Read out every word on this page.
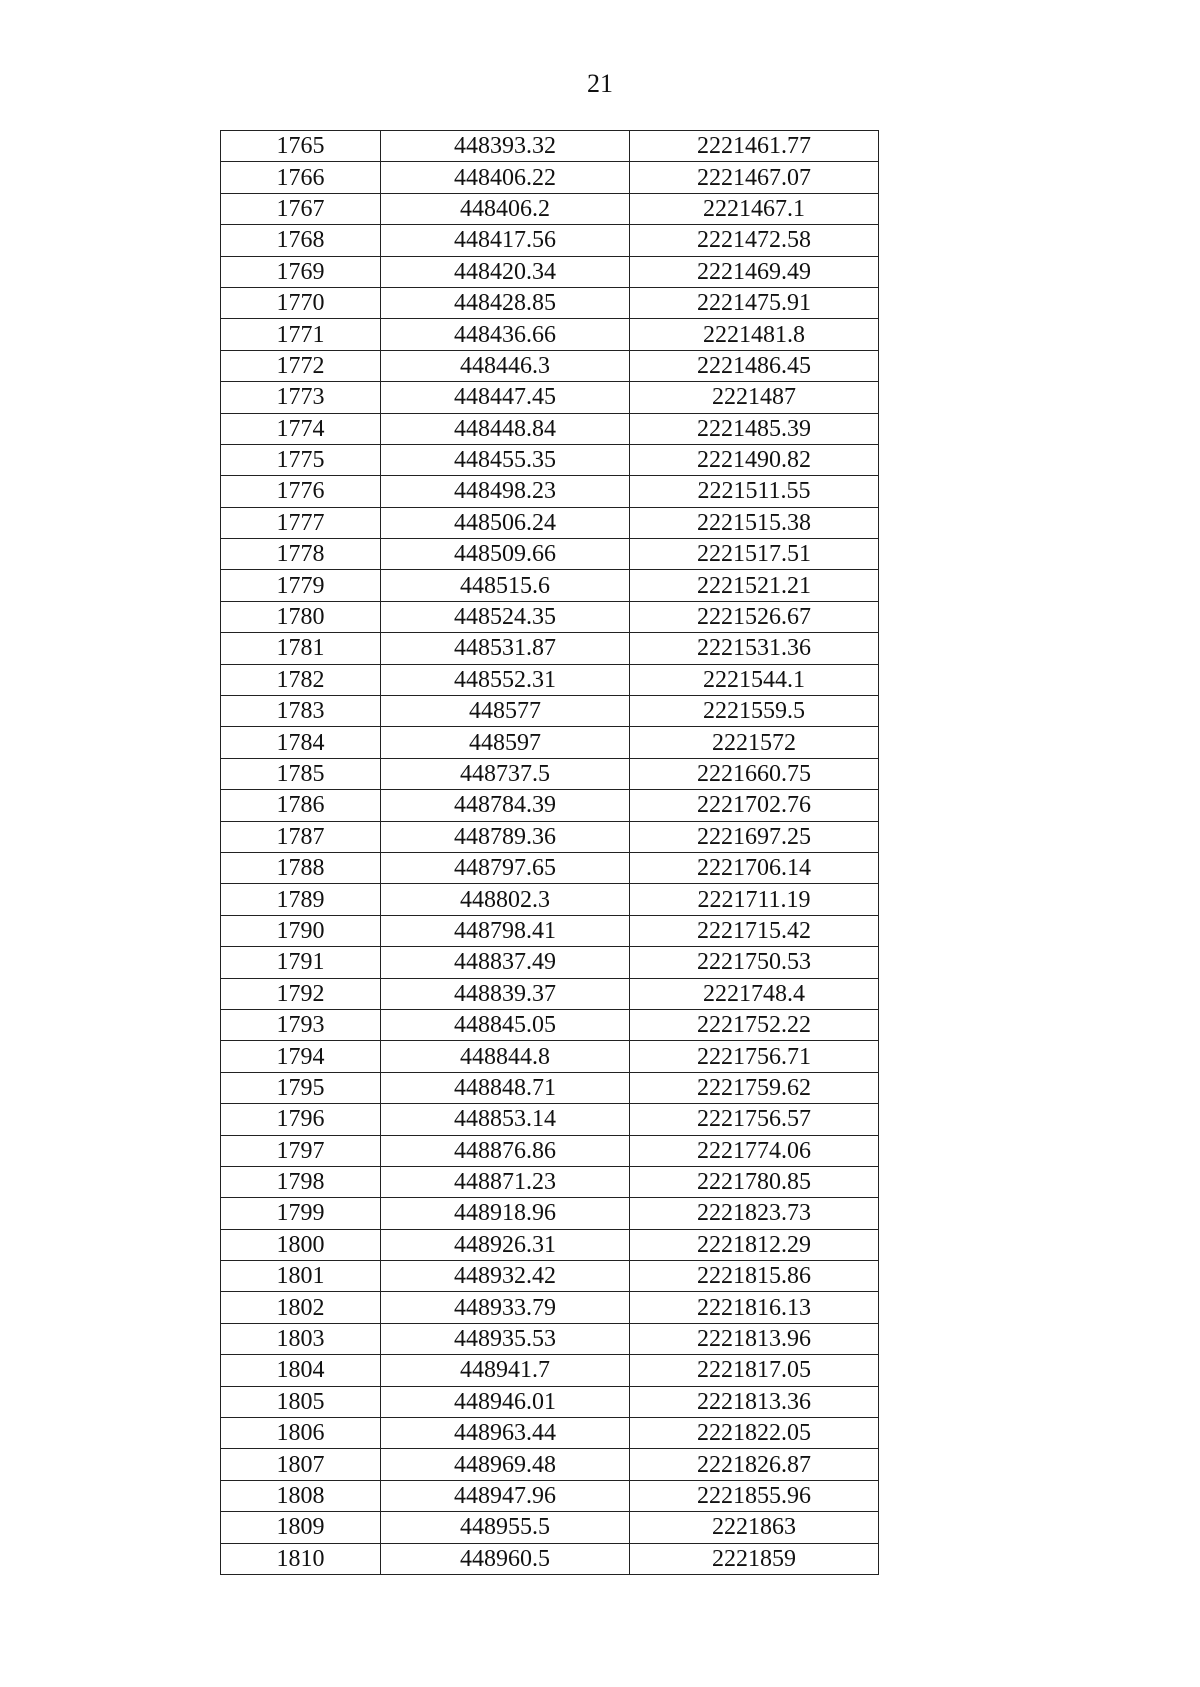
21
1765	448393.32	2221461.77
1766	448406.22	2221467.07
1767	448406.2	2221467.1
1768	448417.56	2221472.58
1769	448420.34	2221469.49
1770	448428.85	2221475.91
1771	448436.66	2221481.8
1772	448446.3	2221486.45
1773	448447.45	2221487
1774	448448.84	2221485.39
1775	448455.35	2221490.82
1776	448498.23	2221511.55
1777	448506.24	2221515.38
1778	448509.66	2221517.51
1779	448515.6	2221521.21
1780	448524.35	2221526.67
1781	448531.87	2221531.36
1782	448552.31	2221544.1
1783	448577	2221559.5
1784	448597	2221572
1785	448737.5	2221660.75
1786	448784.39	2221702.76
1787	448789.36	2221697.25
1788	448797.65	2221706.14
1789	448802.3	2221711.19
1790	448798.41	2221715.42
1791	448837.49	2221750.53
1792	448839.37	2221748.4
1793	448845.05	2221752.22
1794	448844.8	2221756.71
1795	448848.71	2221759.62
1796	448853.14	2221756.57
1797	448876.86	2221774.06
1798	448871.23	2221780.85
1799	448918.96	2221823.73
1800	448926.31	2221812.29
1801	448932.42	2221815.86
1802	448933.79	2221816.13
1803	448935.53	2221813.96
1804	448941.7	2221817.05
1805	448946.01	2221813.36
1806	448963.44	2221822.05
1807	448969.48	2221826.87
1808	448947.96	2221855.96
1809	448955.5	2221863
1810	448960.5	2221859
